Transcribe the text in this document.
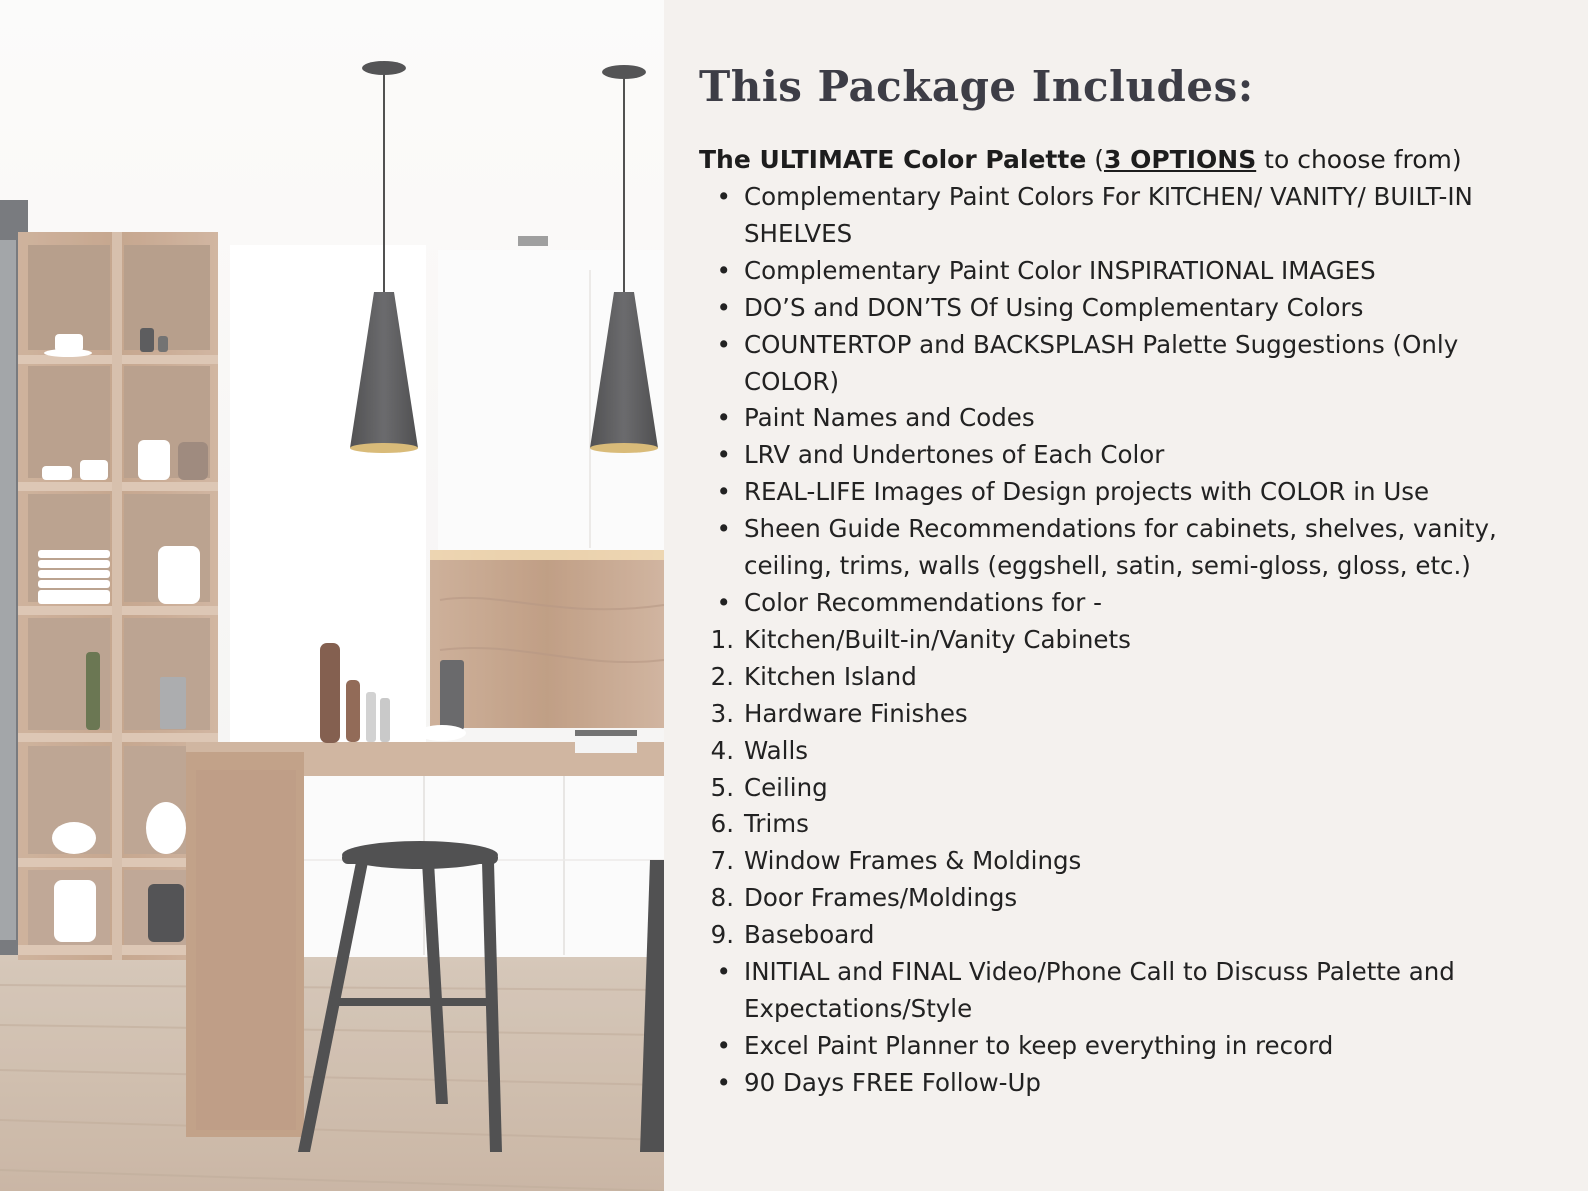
This Package Includes:

The ULTIMATE Color Palette (3 OPTIONS to choose from)

• Complementary Paint Colors For KITCHEN/ VANITY/ BUILT-IN SHELVES
• Complementary Paint Color INSPIRATIONAL IMAGES
• DO’S and DON’TS Of Using Complementary Colors
• COUNTERTOP and BACKSPLASH Palette Suggestions (Only COLOR)
• Paint Names and Codes
• LRV and Undertones of Each Color
• REAL-LIFE Images of Design projects with COLOR in Use
• Sheen Guide Recommendations for cabinets, shelves, vanity, ceiling, trims, walls (eggshell, satin, semi-gloss, gloss, etc.)
• Color Recommendations for -
1. Kitchen/Built-in/Vanity Cabinets
2. Kitchen Island
3. Hardware Finishes
4. Walls
5. Ceiling
6. Trims
7. Window Frames & Moldings
8. Door Frames/Moldings
9. Baseboard
• INITIAL and FINAL Video/Phone Call to Discuss Palette and Expectations/Style
• Excel Paint Planner to keep everything in record
• 90 Days FREE Follow-Up
